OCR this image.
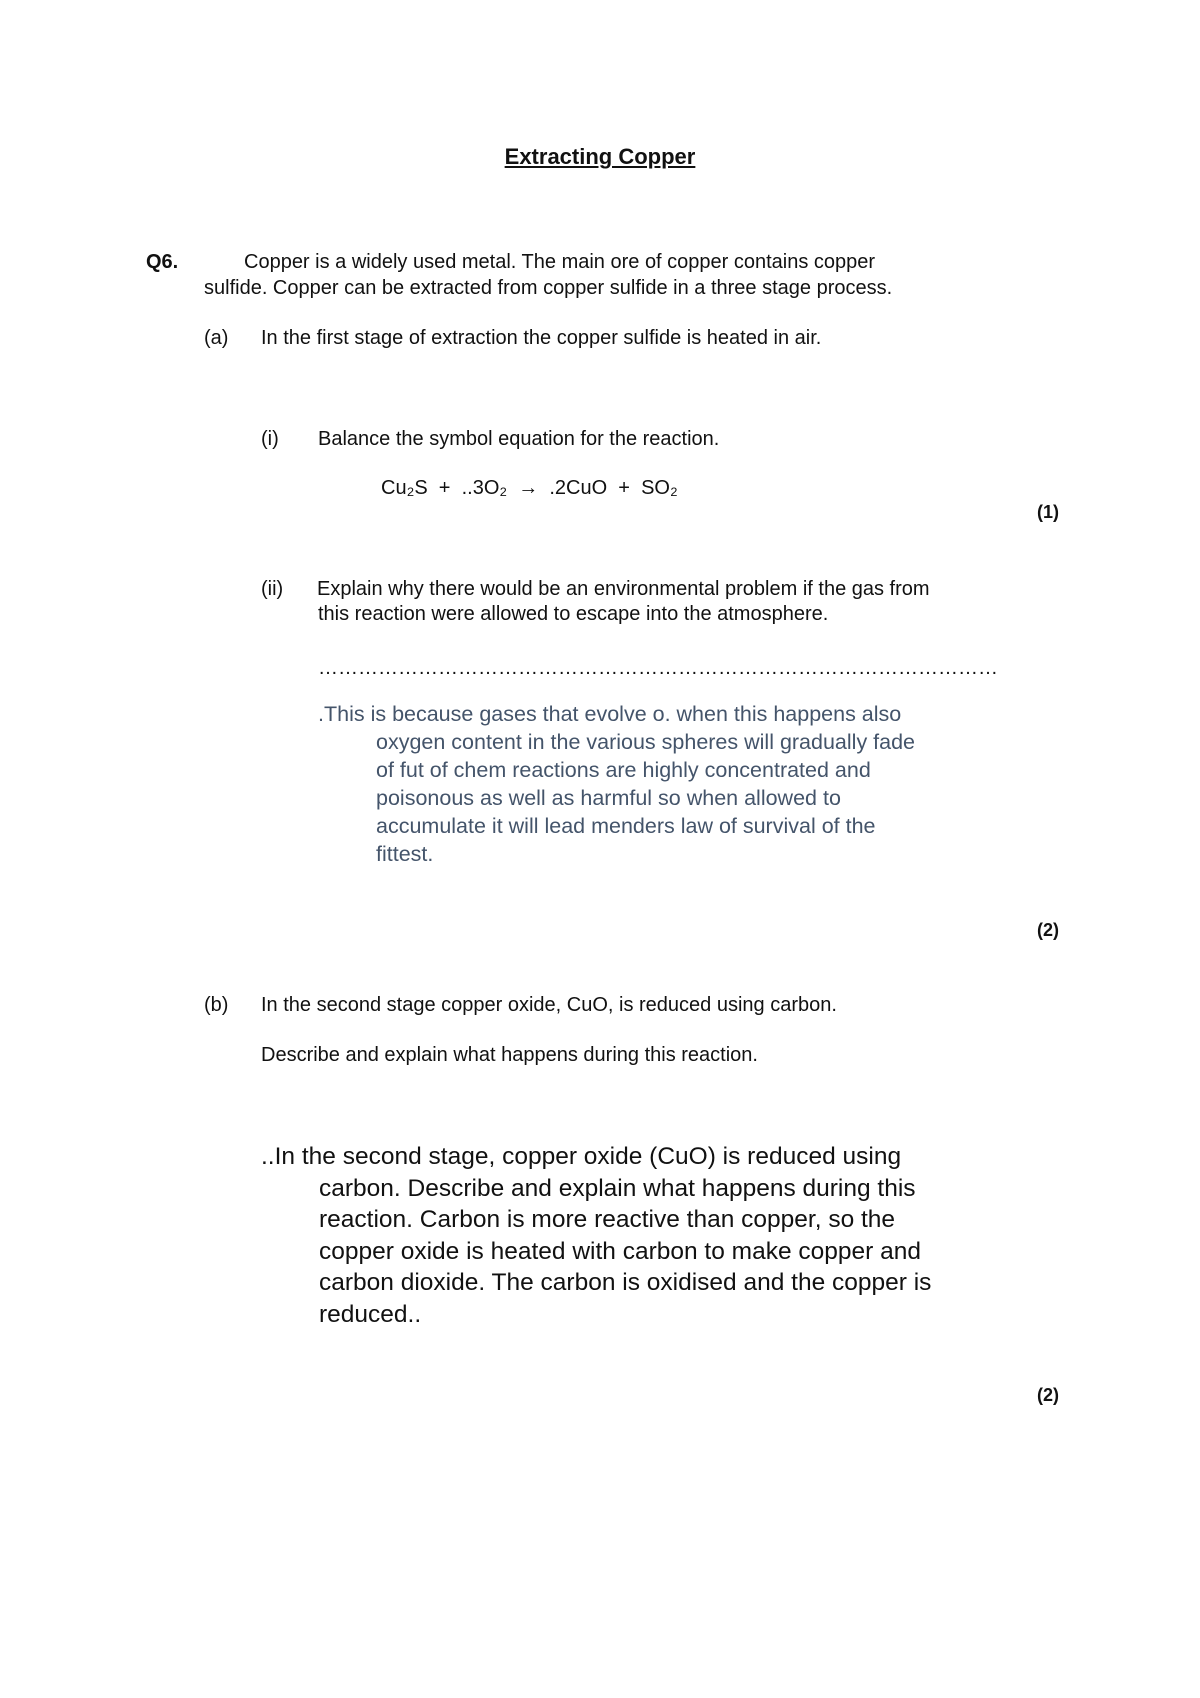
Extracting Copper
Q6.	Copper is a widely used metal. The main ore of copper contains copper
sulfide. Copper can be extracted from copper sulfide in a three stage process.
(a) In the first stage of extraction the copper sulfide is heated in air.
(i) Balance the symbol equation for the reaction.
Cu₂S  +  ..3O₂  →  .2CuO  +  SO₂
(1)
(ii) Explain why there would be an environmental problem if the gas from
this reaction were allowed to escape into the atmosphere.
…………………………………………………………………………………………
.This is because gases that evolve o. when this happens also
oxygen content in the various spheres will gradually fade
of fut of chem reactions are highly concentrated and
poisonous as well as harmful so when allowed to
accumulate it will lead menders law of survival of the
fittest.
(2)
(b) In the second stage copper oxide, CuO, is reduced using carbon.
Describe and explain what happens during this reaction.
..In the second stage, copper oxide (CuO) is reduced using
carbon. Describe and explain what happens during this
reaction. Carbon is more reactive than copper, so the
copper oxide is heated with carbon to make copper and
carbon dioxide. The carbon is oxidised and the copper is
reduced..
(2)
